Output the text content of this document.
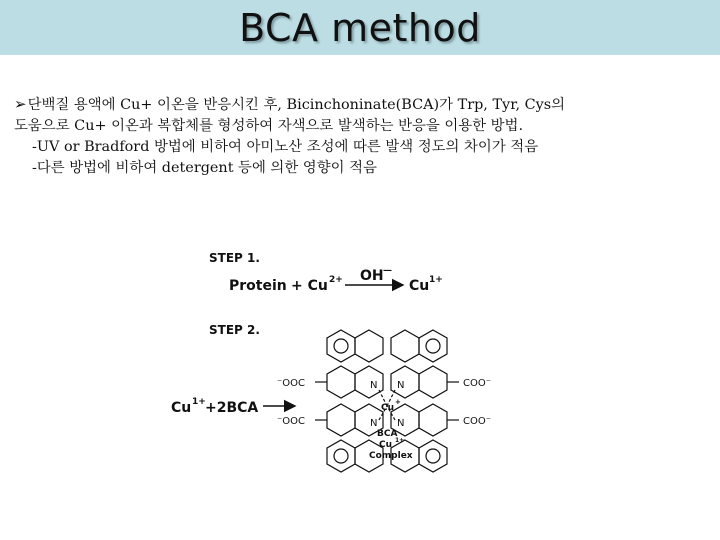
BCA method
➢단백질 용액에 Cu+ 이온을 반응시킨 후, Bicinchoninate(BCA)가 Trp, Tyr, Cys의
도움으로 Cu+ 이온과 복합체를 형성하여 자색으로 발색하는 반응을 이용한 방법.
-UV or Bradford 방법에 비하여 아미노산 조성에 따른 발색 정도의 차이가 적음
-다른 방법에 비하여 detergent 등에 의한 영향이 적음
STEP 1.
Protein + Cu 2+ OH —
Cu 1+
STEP 2.
Cu 1+ +2BCA
⁻OOC
⁻OOC
COO⁻
COO⁻
N N
N N
Cu
+
BCA
Cu 1+
Complex
